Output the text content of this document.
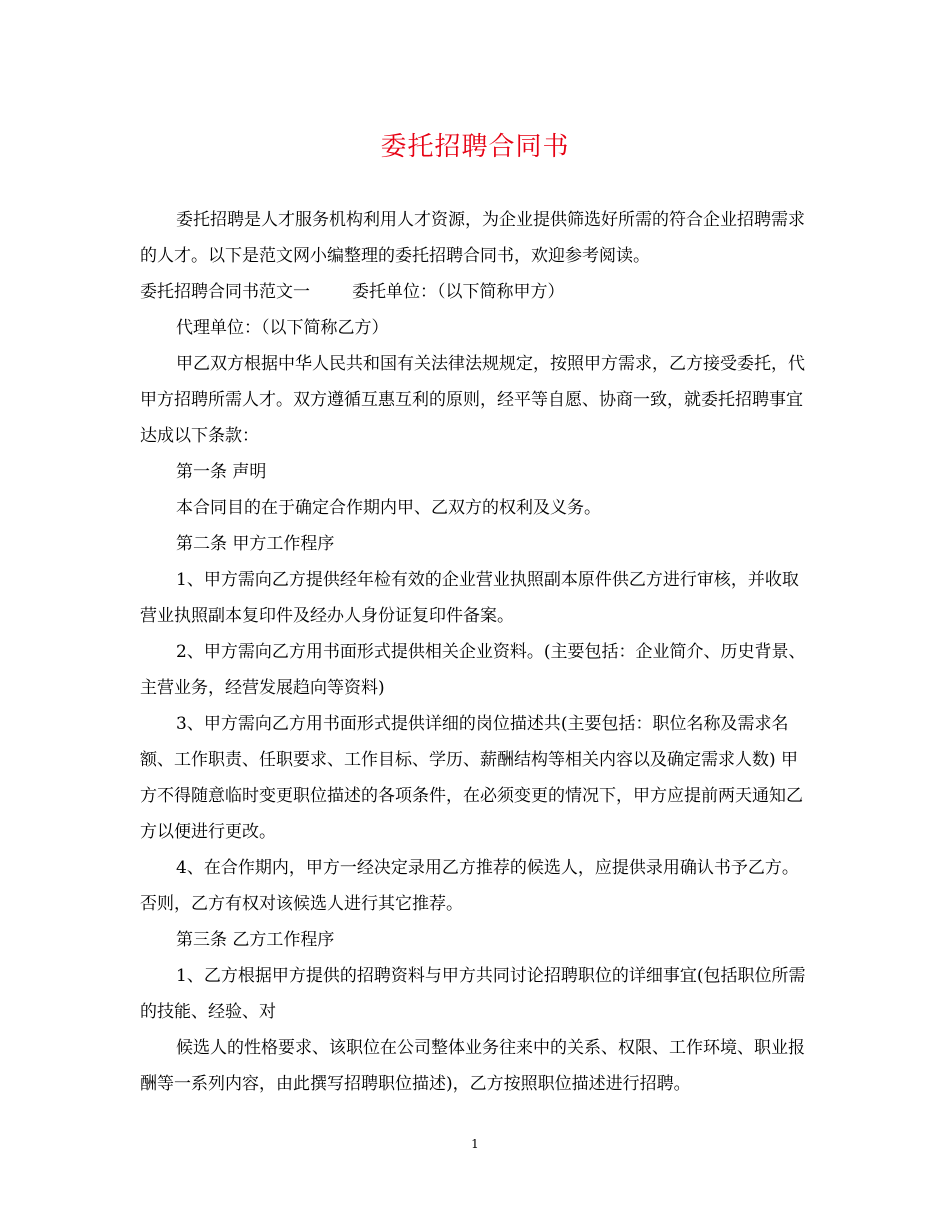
委托招聘合同书

委托招聘是人才服务机构利用人才资源，为企业提供筛选好所需的符合企业招聘需求的人才。以下是范文网小编整理的委托招聘合同书，欢迎参考阅读。

委托招聘合同书范文一 委托单位：（以下简称甲方）

代理单位：（以下简称乙方）

甲乙双方根据中华人民共和国有关法律法规规定，按照甲方需求，乙方接受委托，代甲方招聘所需人才。双方遵循互惠互利的原则，经平等自愿、协商一致，就委托招聘事宜达成以下条款：

第一条 声明

本合同目的在于确定合作期内甲、乙双方的权利及义务。

第二条 甲方工作程序

1、甲方需向乙方提供经年检有效的企业营业执照副本原件供乙方进行审核，并收取营业执照副本复印件及经办人身份证复印件备案。

2、甲方需向乙方用书面形式提供相关企业资料。(主要包括：企业简介、历史背景、主营业务，经营发展趋向等资料)

3、甲方需向乙方用书面形式提供详细的岗位描述共(主要包括：职位名称及需求名额、工作职责、任职要求、工作目标、学历、薪酬结构等相关内容以及确定需求人数) 甲方不得随意临时变更职位描述的各项条件，在必须变更的情况下，甲方应提前两天通知乙方以便进行更改。

4、在合作期内，甲方一经决定录用乙方推荐的候选人，应提供录用确认书予乙方。否则，乙方有权对该候选人进行其它推荐。

第三条 乙方工作程序

1、乙方根据甲方提供的招聘资料与甲方共同讨论招聘职位的详细事宜(包括职位所需的技能、经验、对

候选人的性格要求、该职位在公司整体业务往来中的关系、权限、工作环境、职业报酬等一系列内容，由此撰写招聘职位描述)，乙方按照职位描述进行招聘。

1
